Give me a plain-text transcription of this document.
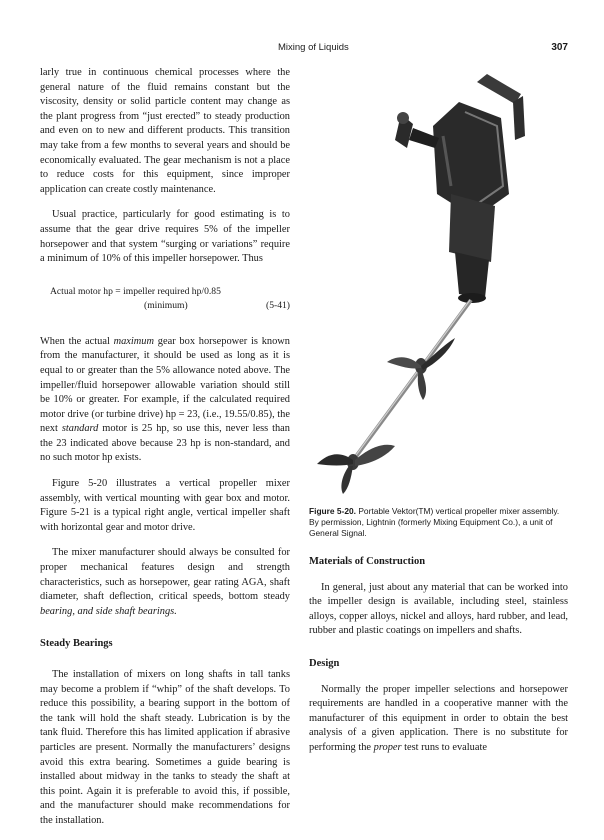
Mixing of Liquids	307

larly true in continuous chemical processes where the general nature of the fluid remains constant but the viscosity, density or solid particle content may change as the plant progress from “just erected” to steady production and even on to new and different products. This transition may take from a few months to several years and should be economically evaluated. The gear mechanism is not a place to reduce costs for this equipment, since improper application can create costly maintenance.

Usual practice, particularly for good estimating is to assume that the gear drive requires 5% of the impeller horsepower and that system “surging or variations” require a minimum of 10% of this impeller horsepower. Thus

Actual motor hp = impeller required hp/0.85
(minimum)	(5-41)

When the actual maximum gear box horsepower is known from the manufacturer, it should be used as long as it is equal to or greater than the 5% allowance noted above. The impeller/fluid horsepower allowable variation should still be 10% or greater. For example, if the calculated required motor drive (or turbine drive) hp = 23, (i.e., 19.55/0.85), the next standard motor is 25 hp, so use this, never less than the 23 indicated above because 23 hp is non-standard, and no such motor hp exists.

Figure 5-20 illustrates a vertical propeller mixer assembly, with vertical mounting with gear box and motor. Figure 5-21 is a typical right angle, vertical impeller shaft with horizontal gear and motor drive.

The mixer manufacturer should always be consulted for proper mechanical features design and strength characteristics, such as horsepower, gear rating AGA, shaft diameter, shaft deflection, critical speeds, bottom steady bearing, and side shaft bearings.

Steady Bearings

The installation of mixers on long shafts in tall tanks may become a problem if “whip” of the shaft develops. To reduce this possibility, a bearing support in the bottom of the tank will hold the shaft steady. Lubrication is by the tank fluid. Therefore this has limited application if abrasive particles are present. Normally the manufacturers’ designs avoid this extra bearing. Sometimes a guide bearing is installed about midway in the tanks to steady the shaft at this point. Again it is preferable to avoid this, if possible, and the manufacturer should make recommendations for the installation.

Figure 5-20. Portable Vektor(TM) vertical propeller mixer assembly. By permission, Lightnin (formerly Mixing Equipment Co.), a unit of General Signal.
Materials of Construction

In general, just about any material that can be worked into the impeller design is available, including steel, stainless alloys, copper alloys, nickel and alloys, hard rubber, and lead, rubber and plastic coatings on impellers and shafts.

Design

Normally the proper impeller selections and horsepower requirements are handled in a cooperative manner with the manufacturer of this equipment in order to obtain the best analysis of a given application. There is no substitute for performing the proper test runs to evaluate
